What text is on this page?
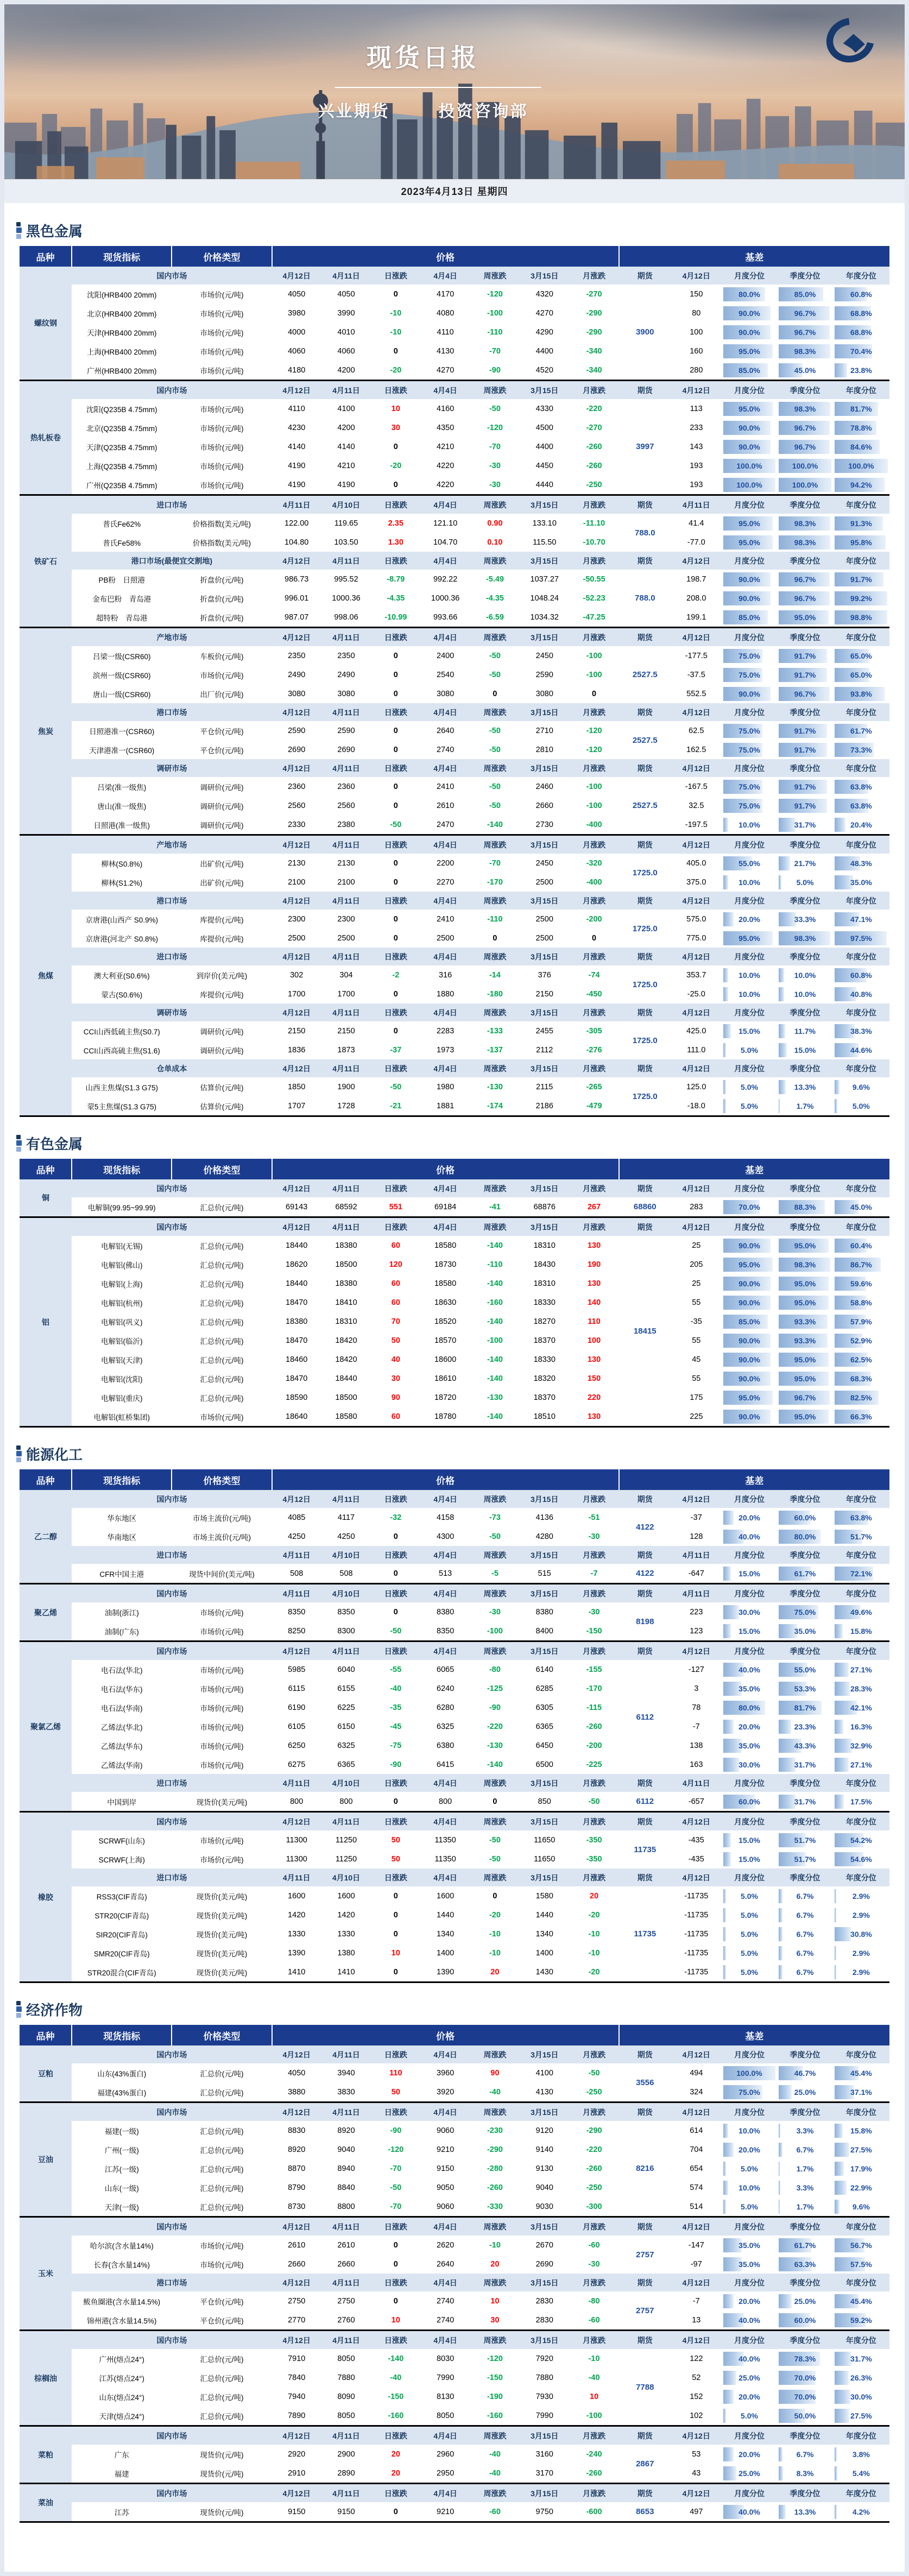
现货日报
兴业期货	投资咨询部
2023年4月13日 星期四
黑色金属
品种	现货指标	价格类型	价格							基差				
螺纹钢	国内市场		4月12日	4月11日	日涨跌	4月4日	周涨跌	3月15日	月涨跌	期货	4月12日	月度分位	季度分位	年度分位
	沈阳(HRB400 20mm)	市场价(元/吨)	4050	4050	0	4170	-120	4320	-270	3900	150	80.0%	85.0%	60.8%

	北京(HRB400 20mm)	市场价(元/吨)	3980	3990	-10	4080	-100	4270	-290		80	90.0%	96.7%	68.8%

	天津(HRB400 20mm)	市场价(元/吨)	4000	4010	-10	4110	-110	4290	-290		100	90.0%	96.7%	68.8%

	上海(HRB400 20mm)	市场价(元/吨)	4060	4060	0	4130	-70	4400	-340		160	95.0%	98.3%	70.4%

	广州(HRB400 20mm)	市场价(元/吨)	4180	4200	-20	4270	-90	4520	-340		280	85.0%	45.0%	23.8%

热轧板卷	国内市场		4月12日	4月11日	日涨跌	4月4日	周涨跌	3月15日	月涨跌	期货	4月12日	月度分位	季度分位	年度分位
	沈阳(Q235B 4.75mm)	市场价(元/吨)	4110	4100	10	4160	-50	4330	-220	3997	113	95.0%	98.3%	81.7%

	北京(Q235B 4.75mm)	市场价(元/吨)	4230	4200	30	4350	-120	4500	-270		233	90.0%	96.7%	78.8%

	天津(Q235B 4.75mm)	市场价(元/吨)	4140	4140	0	4210	-70	4400	-260		143	90.0%	96.7%	84.6%

	上海(Q235B 4.75mm)	市场价(元/吨)	4190	4210	-20	4220	-30	4450	-260		193	100.0%	100.0%	100.0%

	广州(Q235B 4.75mm)	市场价(元/吨)	4190	4190	0	4220	-30	4440	-250		193	100.0%	100.0%	94.2%

铁矿石	进口市场		4月11日	4月10日	日涨跌	4月4日	周涨跌	3月15日	月涨跌	期货	4月11日	月度分位	季度分位	年度分位
	普氏Fe62%	价格指数(美元/吨)	122.00	119.65	2.35	121.10	0.90	133.10	-11.10	788.0	41.4	95.0%	98.3%	91.3%

	普氏Fe58%	价格指数(美元/吨)	104.80	103.50	1.30	104.70	0.10	115.50	-10.70		-77.0	95.0%	98.3%	95.8%

	港口市场(最便宜交割地)		4月12日	4月11日	日涨跌	4月4日	周涨跌	3月15日	月涨跌	期货	4月12日	月度分位	季度分位	年度分位
	PB粉　日照港	折盘价(元/吨)	986.73	995.52	-8.79	992.22	-5.49	1037.27	-50.55	788.0	198.7	90.0%	96.7%	91.7%

	金布巴粉　青岛港	折盘价(元/吨)	996.01	1000.36	-4.35	1000.36	-4.35	1048.24	-52.23		208.0	90.0%	96.7%	99.2%

	超特粉　青岛港	折盘价(元/吨)	987.07	998.06	-10.99	993.66	-6.59	1034.32	-47.25		199.1	85.0%	95.0%	98.8%

焦炭	产地市场		4月12日	4月11日	日涨跌	4月4日	周涨跌	3月15日	月涨跌	期货	4月12日	月度分位	季度分位	年度分位
	吕梁一级(CSR60)	车板价(元/吨)	2350	2350	0	2400	-50	2450	-100	2527.5	-177.5	75.0%	91.7%	65.0%

	滨州一级(CSR60)	市场价(元/吨)	2490	2490	0	2540	-50	2590	-100		-37.5	75.0%	91.7%	65.0%

	唐山一级(CSR60)	出厂价(元/吨)	3080	3080	0	3080	0	3080	0		552.5	90.0%	96.7%	93.8%

	港口市场		4月12日	4月11日	日涨跌	4月4日	周涨跌	3月15日	月涨跌	期货	4月12日	月度分位	季度分位	年度分位
	日照港准一(CSR60)	平仓价(元/吨)	2590	2590	0	2640	-50	2710	-120	2527.5	62.5	75.0%	91.7%	61.7%

	天津港准一(CSR60)	平仓价(元/吨)	2690	2690	0	2740	-50	2810	-120		162.5	75.0%	91.7%	73.3%

	调研市场		4月12日	4月11日	日涨跌	4月4日	周涨跌	3月15日	月涨跌	期货	4月12日	月度分位	季度分位	年度分位
	吕梁(准一级焦)	调研价(元/吨)	2360	2360	0	2410	-50	2460	-100	2527.5	-167.5	75.0%	91.7%	63.8%

	唐山(准一级焦)	调研价(元/吨)	2560	2560	0	2610	-50	2660	-100		32.5	75.0%	91.7%	63.8%

	日照港(准一级焦)	调研价(元/吨)	2330	2380	-50	2470	-140	2730	-400		-197.5	10.0%	31.7%	20.4%

焦煤	产地市场		4月12日	4月11日	日涨跌	4月4日	周涨跌	3月15日	月涨跌	期货	4月12日	月度分位	季度分位	年度分位
	柳林(S0.8%)	出矿价(元/吨)	2130	2130	0	2200	-70	2450	-320	1725.0	405.0	55.0%	21.7%	48.3%

	柳林(S1.2%)	出矿价(元/吨)	2100	2100	0	2270	-170	2500	-400		375.0	10.0%	5.0%	35.0%

	港口市场		4月12日	4月11日	日涨跌	4月4日	周涨跌	3月15日	月涨跌	期货	4月12日	月度分位	季度分位	年度分位
	京唐港(山西产 S0.9%)	库提价(元/吨)	2300	2300	0	2410	-110	2500	-200	1725.0	575.0	20.0%	33.3%	47.1%

	京唐港(河北产 S0.8%)	库提价(元/吨)	2500	2500	0	2500	0	2500	0		775.0	95.0%	98.3%	97.5%

	进口市场		4月12日	4月11日	日涨跌	4月4日	周涨跌	3月15日	月涨跌	期货	4月12日	月度分位	季度分位	年度分位
	澳大利亚(S0.6%)	到岸价(美元/吨)	302	304	-2	316	-14	376	-74	1725.0	353.7	10.0%	10.0%	60.8%

	蒙古(S0.6%)	库提价(元/吨)	1700	1700	0	1880	-180	2150	-450		-25.0	10.0%	10.0%	40.8%

	调研市场		4月12日	4月11日	日涨跌	4月4日	周涨跌	3月15日	月涨跌	期货	4月12日	月度分位	季度分位	年度分位
	CCI山西低硫主焦(S0.7)	调研价(元/吨)	2150	2150	0	2283	-133	2455	-305	1725.0	425.0	15.0%	11.7%	38.3%

	CCI山西高硫主焦(S1.6)	调研价(元/吨)	1836	1873	-37	1973	-137	2112	-276		111.0	5.0%	15.0%	44.6%

	仓单成本		4月12日	4月11日	日涨跌	4月4日	周涨跌	3月15日	月涨跌	期货	4月12日	月度分位	季度分位	年度分位
	山西主焦煤(S1.3 G75)	估算价(元/吨)	1850	1900	-50	1980	-130	2115	-265	1725.0	125.0	5.0%	13.3%	9.6%

	蒙5主焦煤(S1.3 G75)	估算价(元/吨)	1707	1728	-21	1881	-174	2186	-479		-18.0	5.0%	1.7%	5.0%
有色金属
品种	现货指标	价格类型	价格							基差				
铜	国内市场		4月12日	4月11日	日涨跌	4月4日	周涨跌	3月15日	月涨跌	期货	4月12日	月度分位	季度分位	年度分位
	电解铜(99.95~99.99)	汇总价(元/吨)	69143	68592	551	69184	-41	68876	267	68860	283	70.0%	88.3%	45.0%

铝	国内市场		4月12日	4月11日	日涨跌	4月4日	周涨跌	3月15日	月涨跌	期货	4月12日	月度分位	季度分位	年度分位
	电解铝(无锡)	汇总价(元/吨)	18440	18380	60	18580	-140	18310	130	18415	25	90.0%	95.0%	60.4%

	电解铝(佛山)	汇总价(元/吨)	18620	18500	120	18730	-110	18430	190		205	95.0%	98.3%	86.7%

	电解铝(上海)	汇总价(元/吨)	18440	18380	60	18580	-140	18310	130		25	90.0%	95.0%	59.6%

	电解铝(杭州)	汇总价(元/吨)	18470	18410	60	18630	-160	18330	140		55	90.0%	95.0%	58.8%

	电解铝(巩义)	汇总价(元/吨)	18380	18310	70	18520	-140	18270	110		-35	85.0%	93.3%	57.9%

	电解铝(临沂)	汇总价(元/吨)	18470	18420	50	18570	-100	18370	100		55	90.0%	93.3%	52.9%

	电解铝(天津)	汇总价(元/吨)	18460	18420	40	18600	-140	18330	130		45	90.0%	95.0%	62.5%

	电解铝(沈阳)	汇总价(元/吨)	18470	18440	30	18610	-140	18320	150		55	90.0%	95.0%	68.3%

	电解铝(重庆)	汇总价(元/吨)	18590	18500	90	18720	-130	18370	220		175	95.0%	96.7%	82.5%

	电解铝(虹桥集团)	市场价(元/吨)	18640	18580	60	18780	-140	18510	130		225	90.0%	95.0%	66.3%
能源化工
品种	现货指标	价格类型	价格							基差				
乙二醇	国内市场		4月12日	4月11日	日涨跌	4月4日	周涨跌	3月15日	月涨跌	期货	4月12日	月度分位	季度分位	年度分位
	华东地区	市场主流价(元/吨)	4085	4117	-32	4158	-73	4136	-51	4122	-37	20.0%	60.0%	63.8%

	华南地区	市场主流价(元/吨)	4250	4250	0	4300	-50	4280	-30		128	40.0%	80.0%	51.7%

	进口市场		4月11日	4月10日	日涨跌	4月4日	周涨跌	3月15日	月涨跌	期货	4月11日	月度分位	季度分位	年度分位
	CFR中国主港	现货中间价(美元/吨)	508	508	0	513	-5	515	-7	4122	-647	15.0%	61.7%	72.1%

聚乙烯	国内市场		4月11日	4月10日	日涨跌	4月4日	周涨跌	3月15日	月涨跌	期货	4月11日	月度分位	季度分位	年度分位
	油制(浙江)	市场价(元/吨)	8350	8350	0	8380	-30	8380	-30	8198	223	30.0%	75.0%	49.6%

	油制(广东)	市场价(元/吨)	8250	8300	-50	8350	-100	8400	-150		123	15.0%	35.0%	15.8%

聚氯乙烯	国内市场		4月12日	4月11日	日涨跌	4月4日	周涨跌	3月15日	月涨跌	期货	4月12日	月度分位	季度分位	年度分位
	电石法(华北)	市场价(元/吨)	5985	6040	-55	6065	-80	6140	-155	6112	-127	40.0%	55.0%	27.1%

	电石法(华东)	市场价(元/吨)	6115	6155	-40	6240	-125	6285	-170		3	35.0%	53.3%	28.3%

	电石法(华南)	市场价(元/吨)	6190	6225	-35	6280	-90	6305	-115		78	80.0%	81.7%	42.1%

	乙烯法(华北)	市场价(元/吨)	6105	6150	-45	6325	-220	6365	-260		-7	20.0%	23.3%	16.3%

	乙烯法(华东)	市场价(元/吨)	6250	6325	-75	6380	-130	6450	-200		138	35.0%	43.3%	32.9%

	乙烯法(华南)	市场价(元/吨)	6275	6365	-90	6415	-140	6500	-225		163	30.0%	31.7%	27.1%

	进口市场		4月11日	4月10日	日涨跌	4月4日	周涨跌	3月15日	月涨跌	期货	4月11日	月度分位	季度分位	年度分位
	中国到岸	现货价(美元/吨)	800	800	0	800	0	850	-50	6112	-657	60.0%	31.7%	17.5%

橡胶	国内市场		4月12日	4月11日	日涨跌	4月4日	周涨跌	3月15日	月涨跌	期货	4月12日	月度分位	季度分位	年度分位
	SCRWF(山东)	市场价(元/吨)	11300	11250	50	11350	-50	11650	-350	11735	-435	15.0%	51.7%	54.2%

	SCRWF(上海)	市场价(元/吨)	11300	11250	50	11350	-50	11650	-350		-435	15.0%	51.7%	54.6%

	进口市场		4月11日	4月10日	日涨跌	4月4日	周涨跌	3月15日	月涨跌	期货	4月12日	月度分位	季度分位	年度分位
	RSS3(CIF青岛)	现货价(美元/吨)	1600	1600	0	1600	0	1580	20	11735	-11735	5.0%	6.7%	2.9%

	STR20(CIF青岛)	现货价(美元/吨)	1420	1420	0	1440	-20	1440	-20		-11735	5.0%	6.7%	2.9%

	SIR20(CIF青岛)	现货价(美元/吨)	1330	1330	0	1340	-10	1340	-10		-11735	5.0%	6.7%	30.8%

	SMR20(CIF青岛)	现货价(美元/吨)	1390	1380	10	1400	-10	1400	-10		-11735	5.0%	6.7%	2.9%

	STR20混合(CIF青岛)	现货价(美元/吨)	1410	1410	0	1390	20	1430	-20		-11735	5.0%	6.7%	2.9%
经济作物
品种	现货指标	价格类型	价格							基差				
豆粕	国内市场		4月12日	4月11日	日涨跌	4月4日	周涨跌	3月15日	月涨跌	期货	4月12日	月度分位	季度分位	年度分位
	山东(43%蛋白)	汇总价(元/吨)	4050	3940	110	3960	90	4100	-50	3556	494	100.0%	46.7%	45.4%

	福建(43%蛋白)	汇总价(元/吨)	3880	3830	50	3920	-40	4130	-250		324	75.0%	25.0%	37.1%

豆油	国内市场		4月12日	4月11日	日涨跌	4月4日	周涨跌	3月15日	月涨跌	期货	4月12日	月度分位	季度分位	年度分位
	福建(一级)	汇总价(元/吨)	8830	8920	-90	9060	-230	9120	-290	8216	614	10.0%	3.3%	15.8%

	广州(一级)	汇总价(元/吨)	8920	9040	-120	9210	-290	9140	-220		704	20.0%	6.7%	27.5%

	江苏(一级)	汇总价(元/吨)	8870	8940	-70	9150	-280	9130	-260		654	5.0%	1.7%	17.9%

	山东(一级)	汇总价(元/吨)	8790	8840	-50	9050	-260	9040	-250		574	10.0%	3.3%	22.9%

	天津(一级)	汇总价(元/吨)	8730	8800	-70	9060	-330	9030	-300		514	5.0%	1.7%	9.6%

玉米	国内市场		4月12日	4月11日	日涨跌	4月4日	周涨跌	3月15日	月涨跌	期货	4月12日	月度分位	季度分位	年度分位
	哈尔滨(含水量14%)	市场价(元/吨)	2610	2610	0	2620	-10	2670	-60	2757	-147	35.0%	61.7%	56.7%

	长春(含水量14%)	市场价(元/吨)	2660	2660	0	2640	20	2690	-30		-97	35.0%	63.3%	57.5%

	港口市场		4月12日	4月11日	日涨跌	4月4日	周涨跌	3月15日	月涨跌	期货	4月12日	月度分位	季度分位	年度分位
	鲅鱼圈港(含水量14.5%)	平仓价(元/吨)	2750	2750	0	2740	10	2830	-80	2757	-7	20.0%	25.0%	45.4%

	锦州港(含水量14.5%)	平仓价(元/吨)	2770	2760	10	2740	30	2830	-60		13	40.0%	60.0%	59.2%

棕榈油	国内市场		4月12日	4月11日	日涨跌	4月4日	周涨跌	3月15日	月涨跌	期货	4月12日	月度分位	季度分位	年度分位
	广州(熔点24°)	汇总价(元/吨)	7910	8050	-140	8030	-120	7920	-10	7788	122	40.0%	78.3%	31.7%

	江苏(熔点24°)	汇总价(元/吨)	7840	7880	-40	7990	-150	7880	-40		52	25.0%	70.0%	26.3%

	山东(熔点24°)	汇总价(元/吨)	7940	8090	-150	8130	-190	7930	10		152	20.0%	70.0%	30.0%

	天津(熔点24°)	汇总价(元/吨)	7890	8050	-160	8050	-160	7990	-100		102	5.0%	50.0%	27.5%

菜粕	国内市场		4月12日	4月11日	日涨跌	4月4日	周涨跌	3月15日	月涨跌	期货	4月12日	月度分位	季度分位	年度分位
	广东	现货价(元/吨)	2920	2900	20	2960	-40	3160	-240	2867	53	20.0%	6.7%	3.8%

	福建	现货价(元/吨)	2910	2890	20	2950	-40	3170	-260		43	25.0%	8.3%	5.4%

菜油	国内市场		4月12日	4月11日	日涨跌	4月4日	周涨跌	3月15日	月涨跌	期货	4月12日	月度分位	季度分位	年度分位
	江苏	现货价(元/吨)	9150	9150	0	9210	-60	9750	-600	8653	497	40.0%	13.3%	4.2%
